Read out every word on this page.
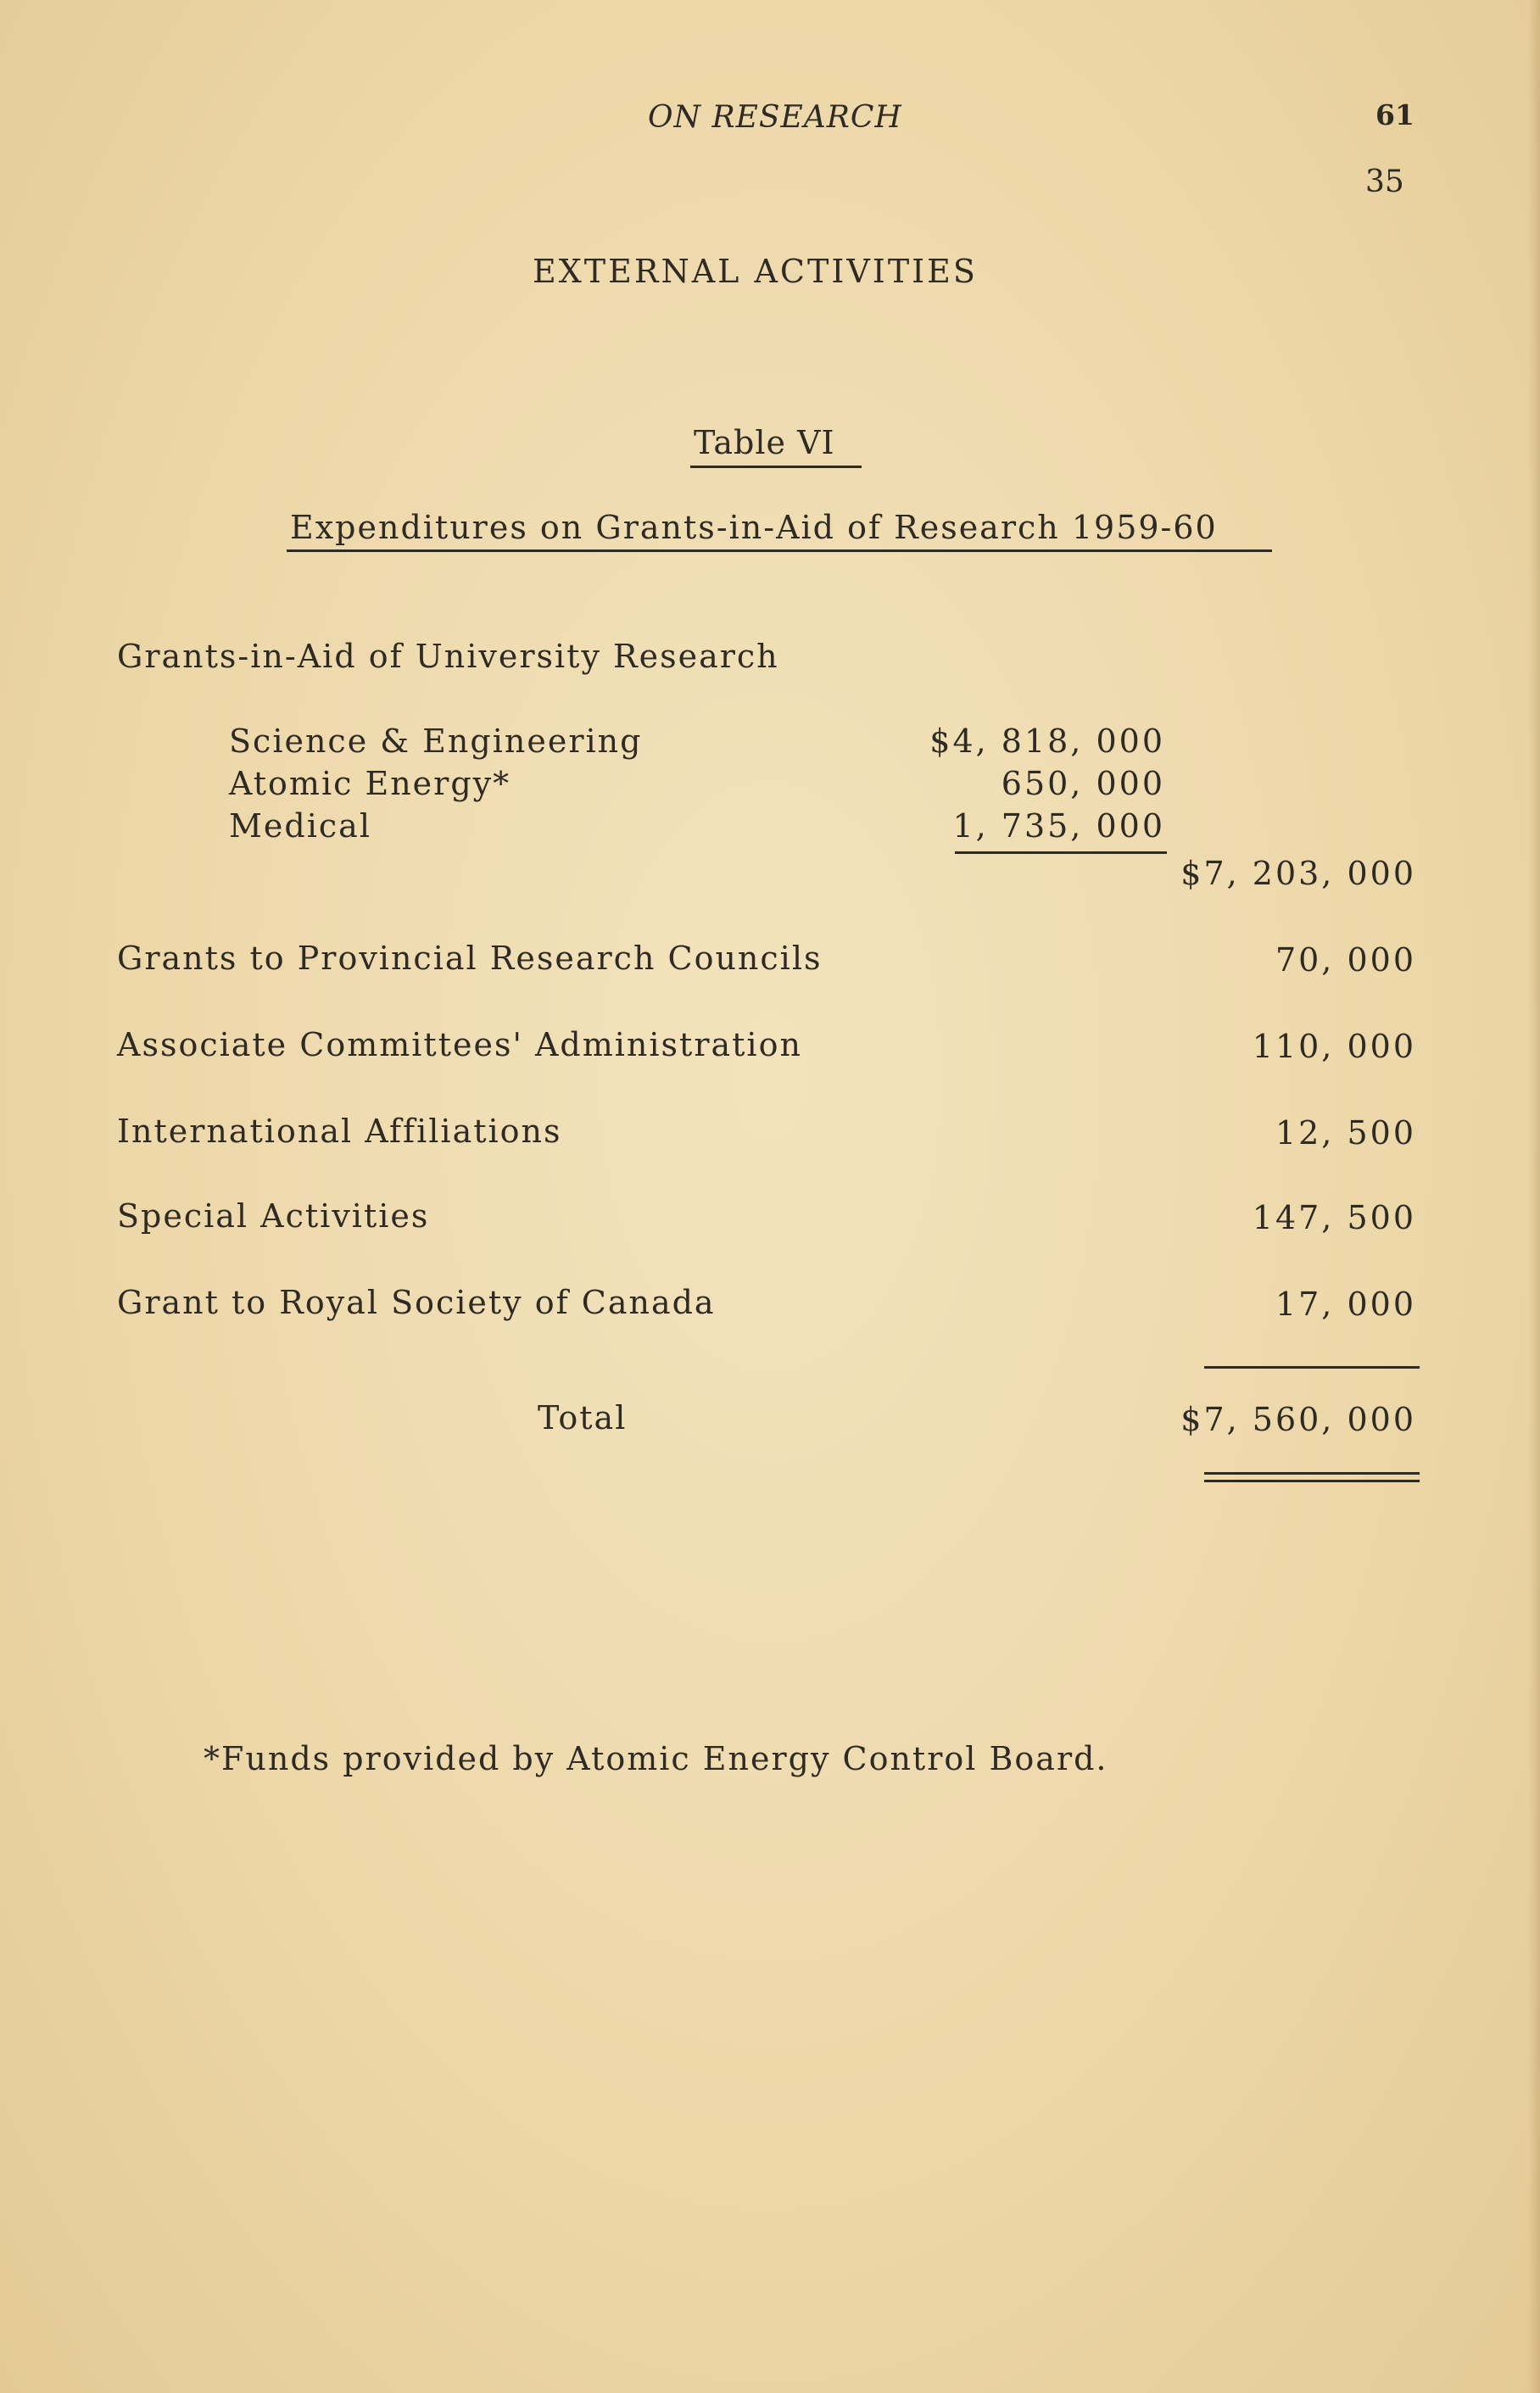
ON RESEARCH	61
35
EXTERNAL ACTIVITIES
Table VI
Expenditures on Grants-in-Aid of Research 1959-60
Grants-in-Aid of University Research
Science & Engineering	$4, 818, 000
Atomic Energy*	650, 000
Medical	1, 735, 000
$7, 203, 000
Grants to Provincial Research Councils	70, 000
Associate Committees' Administration	110, 000
International Affiliations	12, 500
Special Activities	147, 500
Grant to Royal Society of Canada	17, 000
Total	$7, 560, 000
*Funds provided by Atomic Energy Control Board.
